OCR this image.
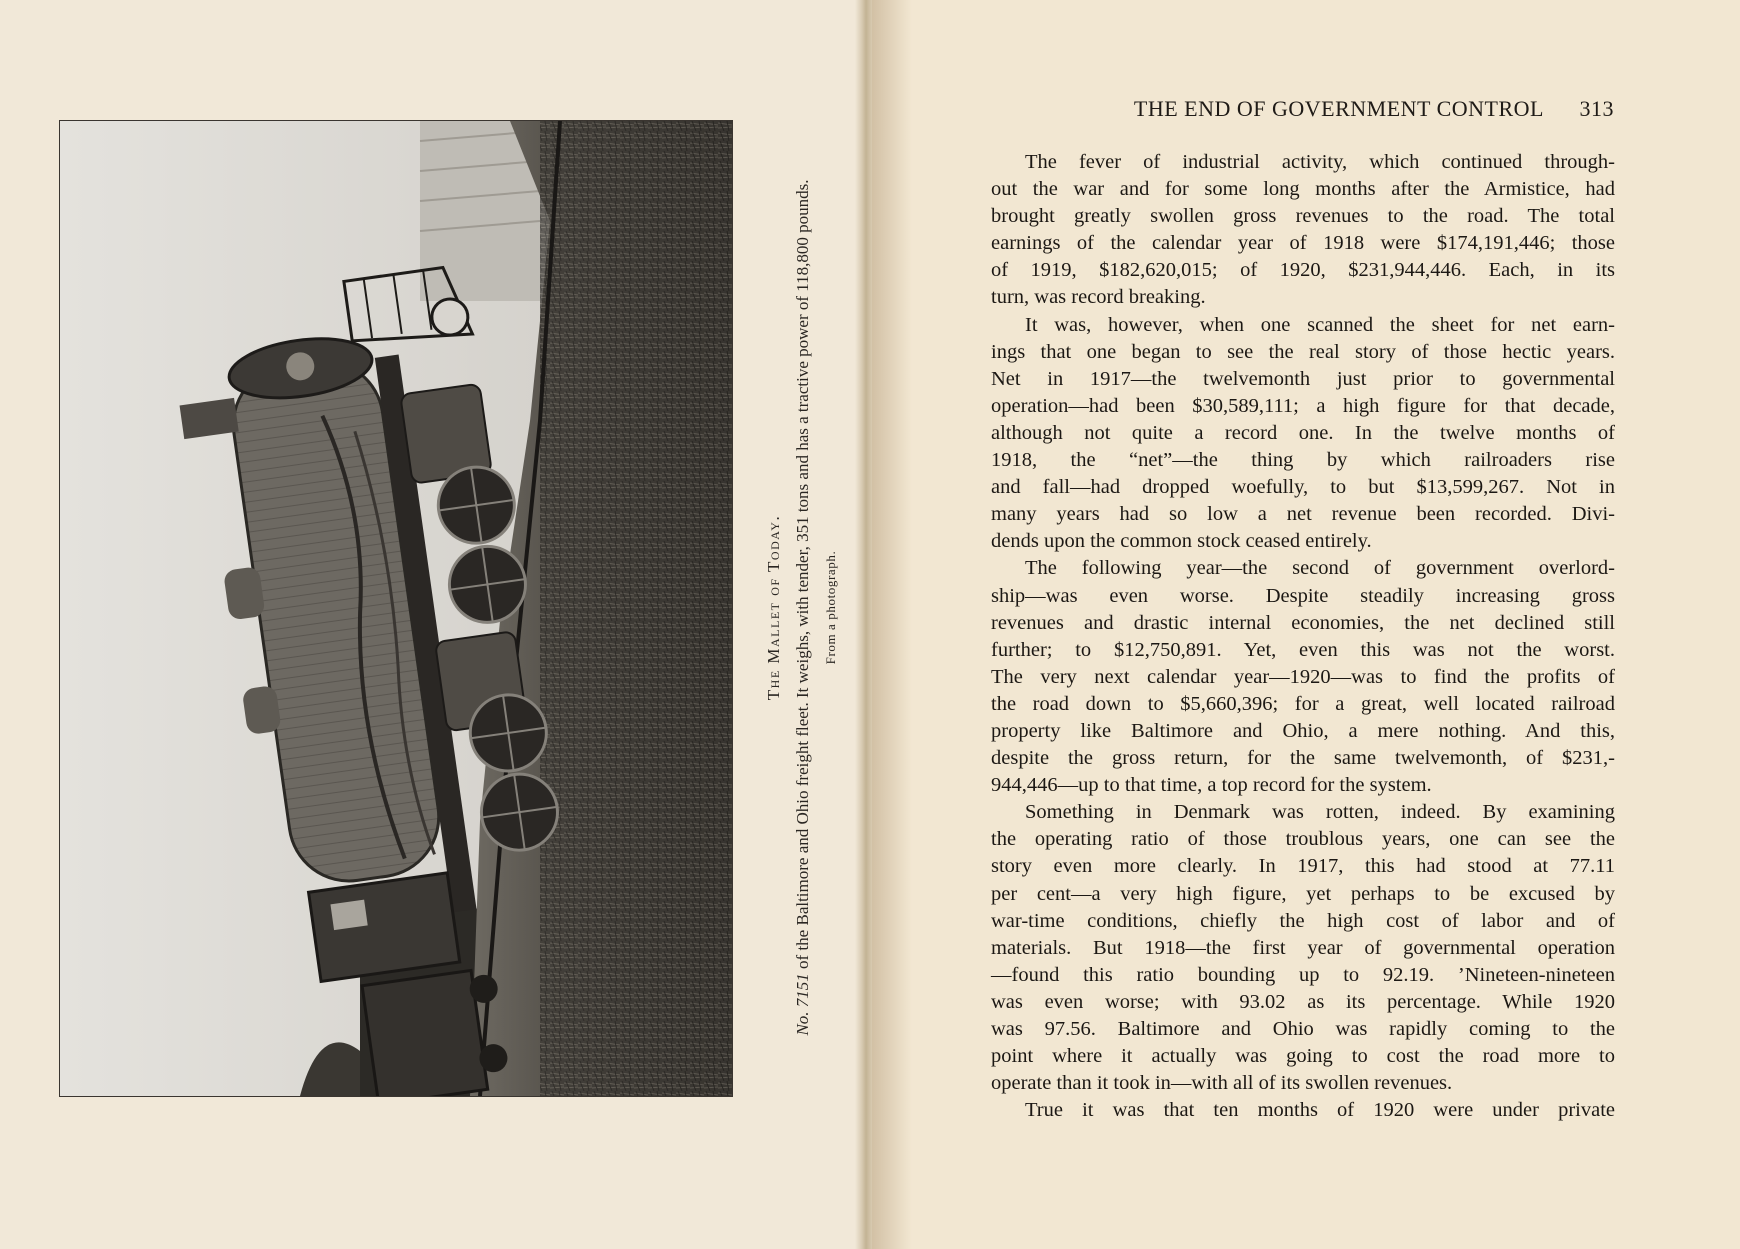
The Mallet of Today.
No. 7151 of the Baltimore and Ohio freight fleet. It weighs, with tender, 351 tons and has a tractive power of 118,800 pounds. From a photograph.
THE END OF GOVERNMENT CONTROL 313
The fever of industrial activity, which continued through-
out the war and for some long months after the Armistice, had
brought greatly swollen gross revenues to the road. The total
earnings of the calendar year of 1918 were $174,191,446; those
of 1919, $182,620,015; of 1920, $231,944,446. Each, in its
turn, was record breaking.
It was, however, when one scanned the sheet for net earn-
ings that one began to see the real story of those hectic years.
Net in 1917—the twelvemonth just prior to governmental
operation—had been $30,589,111; a high figure for that decade,
although not quite a record one. In the twelve months of
1918, the “net”—the thing by which railroaders rise
and fall—had dropped woefully, to but $13,599,267. Not in
many years had so low a net revenue been recorded. Divi-
dends upon the common stock ceased entirely.
The following year—the second of government overlord-
ship—was even worse. Despite steadily increasing gross
revenues and drastic internal economies, the net declined still
further; to $12,750,891. Yet, even this was not the worst.
The very next calendar year—1920—was to find the profits of
the road down to $5,660,396; for a great, well located railroad
property like Baltimore and Ohio, a mere nothing. And this,
despite the gross return, for the same twelvemonth, of $231,-
944,446—up to that time, a top record for the system.
Something in Denmark was rotten, indeed. By examining
the operating ratio of those troublous years, one can see the
story even more clearly. In 1917, this had stood at 77.11
per cent—a very high figure, yet perhaps to be excused by
war-time conditions, chiefly the high cost of labor and of
materials. But 1918—the first year of governmental operation
—found this ratio bounding up to 92.19. ’Nineteen-nineteen
was even worse; with 93.02 as its percentage. While 1920
was 97.56. Baltimore and Ohio was rapidly coming to the
point where it actually was going to cost the road more to
operate than it took in—with all of its swollen revenues.
True it was that ten months of 1920 were under private
